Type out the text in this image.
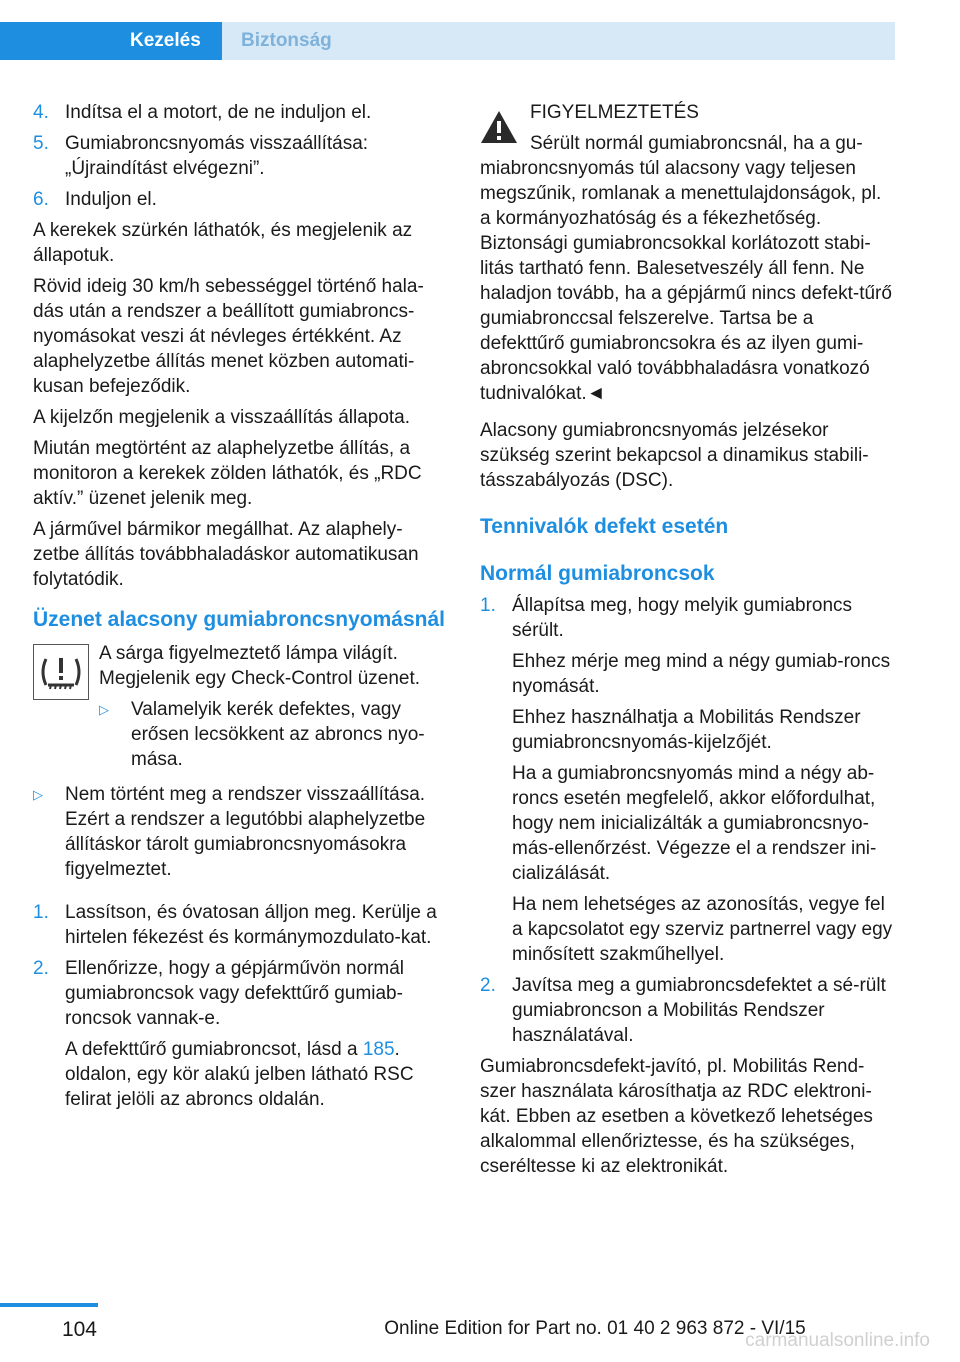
Kezelés	Biztonság
4. Indítsa el a motort, de ne induljon el.
5. Gumiabroncsnyomás visszaállítása: „Újraindítást elvégezni”.
6. Induljon el.

A kerekek szürkén láthatók, és megjelenik az állapotuk.

Rövid ideig 30 km/h sebességgel történő hala-dás után a rendszer a beállított gumiabroncs-nyomásokat veszi át névleges értékként. Az alaphelyzetbe állítás menet közben automati-kusan befejeződik.

A kijelzőn megjelenik a visszaállítás állapota.

Miután megtörtént az alaphelyzetbe állítás, a monitoron a kerekek zölden láthatók, és „RDC aktív.” üzenet jelenik meg.

A járművel bármikor megállhat. Az alaphely-zetbe állítás továbbhaladáskor automatikusan folytatódik.

Üzenet alacsony gumiabroncsnyomásnál

A sárga figyelmeztető lámpa világít. Megjelenik egy Check-Control üzenet.

▷	Valamelyik kerék defektes, vagy erősen lecsökkent az abroncs nyo-mása.
▷	Nem történt meg a rendszer visszaállítása. Ezért a rendszer a legutóbbi alaphelyzetbe állításkor tárolt gumiabroncsnyomásokra figyelmeztet.
1. Lassítson, és óvatosan álljon meg. Kerülje a hirtelen fékezést és kormánymozdulato-kat.
2. Ellenőrizze, hogy a gépjárművön normál gumiabroncsok vagy defekttűrő gumiab-roncsok vannak-e.

A defekttűrő gumiabroncsot, lásd a 185. oldalon, egy kör alakú jelben látható RSC felirat jelöli az abroncs oldalán.

FIGYELMEZTETÉS

Sérült normál gumiabroncsnál, ha a gu-

miabroncsnyomás túl alacsony vagy teljesen megszűnik, romlanak a menettulajdonságok, pl. a kormányozhatóság és a fékezhetőség. Biztonsági gumiabroncsokkal korlátozott stabi-litás tartható fenn. Balesetveszély áll fenn. Ne haladjon tovább, ha a gépjármű nincs defekt-tűrő gumiabronccsal felszerelve. Tartsa be a defekttűrő gumiabroncsokra és az ilyen gumi-abroncsokkal való továbbhaladásra vonatkozó tudnivalókat.◄

Alacsony gumiabroncsnyomás jelzésekor szükség szerint bekapcsol a dinamikus stabili-tásszabályozás (DSC).

Tennivalók defekt esetén
Normál gumiabroncsok
1. Állapítsa meg, hogy melyik gumiabroncs sérült.

Ehhez mérje meg mind a négy gumiab-roncs nyomását.

Ehhez használhatja a Mobilitás Rendszer gumiabroncsnyomás-kijelzőjét.

Ha a gumiabroncsnyomás mind a négy ab-roncs esetén megfelelő, akkor előfordulhat, hogy nem inicializálták a gumiabroncsnyo-más-ellenőrzést. Végezze el a rendszer ini-cializálását.

Ha nem lehetséges az azonosítás, vegye fel a kapcsolatot egy szerviz partnerrel vagy egy minősített szakműhellyel.

2. Javítsa meg a gumiabroncsdefektet a sé-rült gumiabroncson a Mobilitás Rendszer használatával.

Gumiabroncsdefekt-javító, pl. Mobilitás Rend-szer használata károsíthatja az RDC elektroni-kát. Ebben az esetben a következő lehetséges alkalommal ellenőriztesse, és ha szükséges, cseréltesse ki az elektronikát.

104	Online Edition for Part no. 01 40 2 963 872 - VI/15
carmanualsonline.info
